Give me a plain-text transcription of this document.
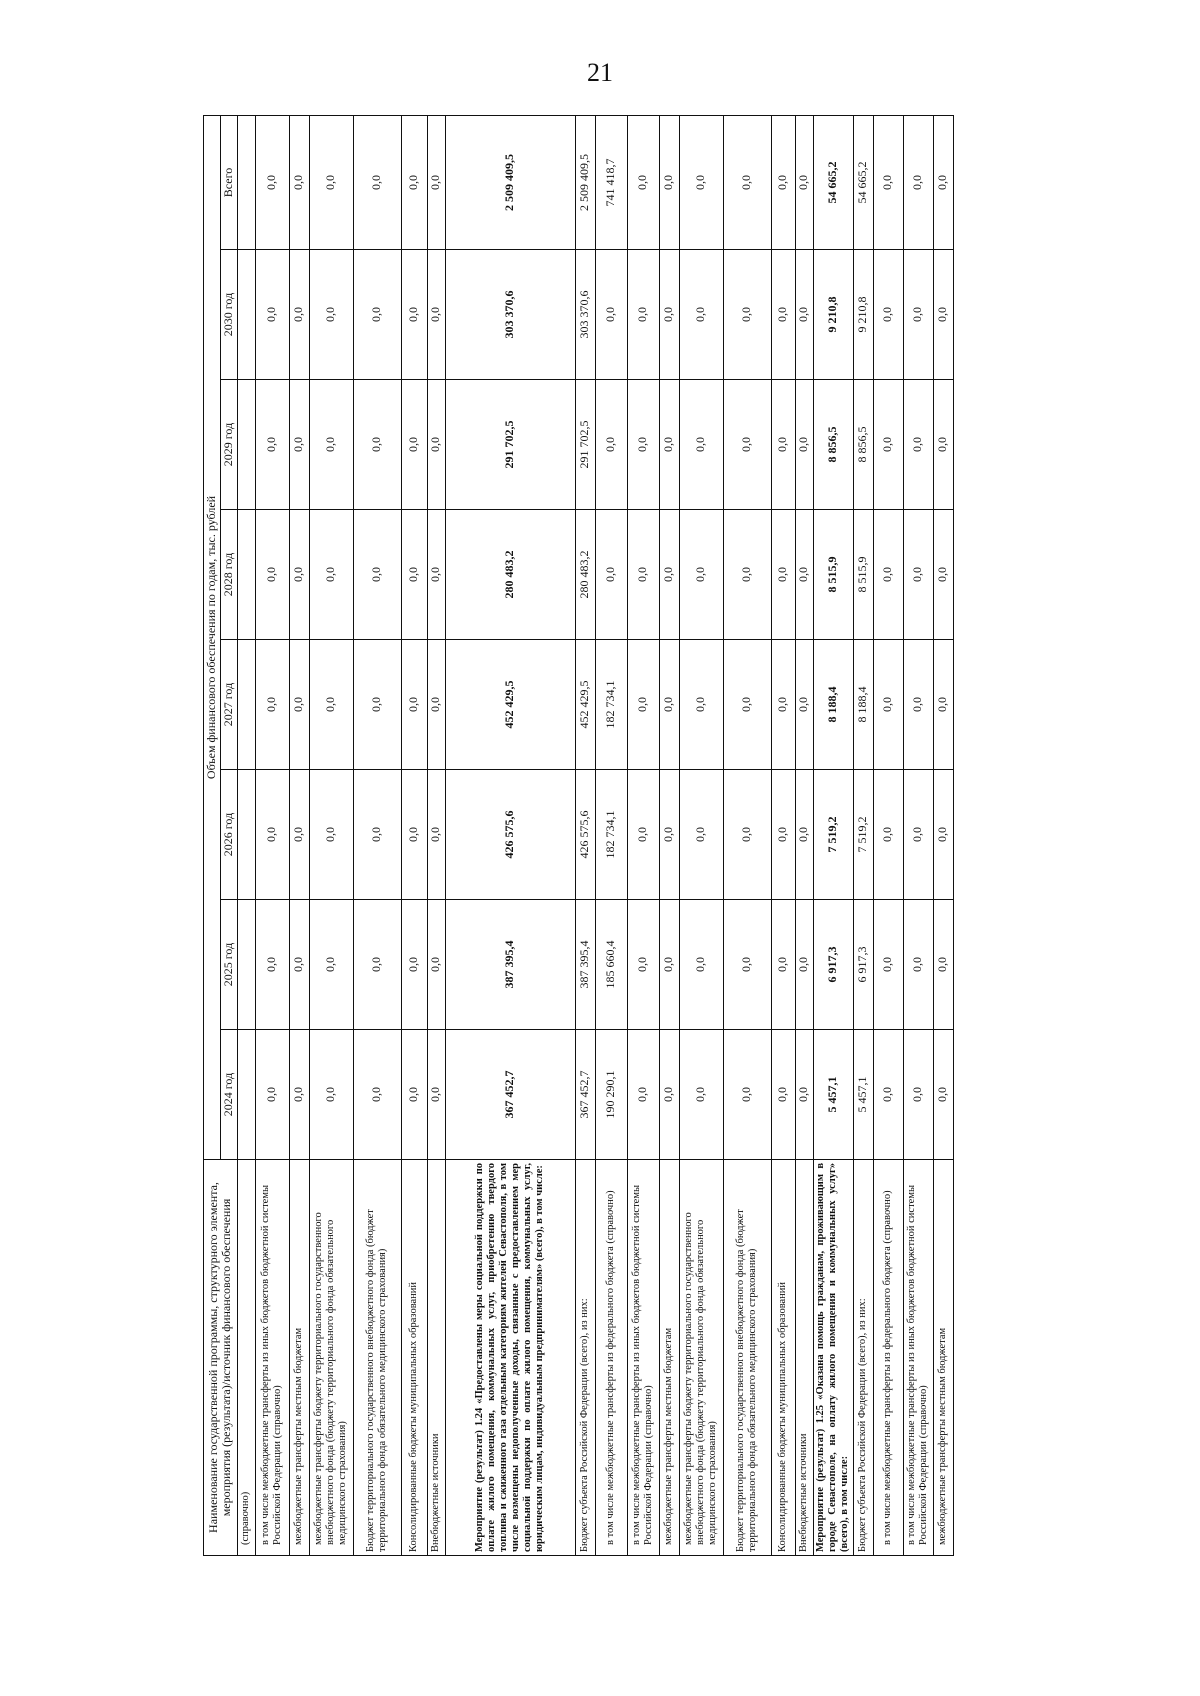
21
Наименование государственной программы, структурного элемента, мероприятия (результата)/источник финансового обеспечения	Объем финансового обеспечения по годам, тыс. рублей							
	2024 год	2025 год	2026 год	2027 год	2028 год	2029 год	2030 год	Всего
(справочно)								
в том числе межбюджетные трансферты из иных бюджетов бюджетной системы Российской Федерации (справочно)	0,0	0,0	0,0	0,0	0,0	0,0	0,0	0,0
межбюджетные трансферты местным бюджетам	0,0	0,0	0,0	0,0	0,0	0,0	0,0	0,0
межбюджетные трансферты бюджету территориального государственного внебюджетного фонда (бюджету территориального фонда обязательного медицинского страхования)	0,0	0,0	0,0	0,0	0,0	0,0	0,0	0,0
Бюджет территориального государственного внебюджетного фонда (бюджет территориального фонда обязательного медицинского страхования)	0,0	0,0	0,0	0,0	0,0	0,0	0,0	0,0
Консолидированные бюджеты муниципальных образований	0,0	0,0	0,0	0,0	0,0	0,0	0,0	0,0
Внебюджетные источники	0,0	0,0	0,0	0,0	0,0	0,0	0,0	0,0
Мероприятие (результат) 1.24 «Предоставлены меры социальной поддержки по оплате жилого помещения, коммунальных услуг, приобретению твердого топлива и сжиженного газа отдельным категориям жителей Севастополя, в том числе возмещены недополученные доходы, связанные с предоставлением мер социальной поддержки по оплате жилого помещения, коммунальных услуг, юридическим лицам, индивидуальным предпринимателям» (всего), в том числе:	367 452,7	387 395,4	426 575,6	452 429,5	280 483,2	291 702,5	303 370,6	2 509 409,5
Бюджет субъекта Российской Федерации (всего), из них:	367 452,7	387 395,4	426 575,6	452 429,5	280 483,2	291 702,5	303 370,6	2 509 409,5
в том числе межбюджетные трансферты из федерального бюджета (справочно)	190 290,1	185 660,4	182 734,1	182 734,1	0,0	0,0	0,0	741 418,7
в том числе межбюджетные трансферты из иных бюджетов бюджетной системы Российской Федерации (справочно)	0,0	0,0	0,0	0,0	0,0	0,0	0,0	0,0
межбюджетные трансферты местным бюджетам	0,0	0,0	0,0	0,0	0,0	0,0	0,0	0,0
межбюджетные трансферты бюджету территориального государственного внебюджетного фонда (бюджету территориального фонда обязательного медицинского страхования)	0,0	0,0	0,0	0,0	0,0	0,0	0,0	0,0
Бюджет территориального государственного внебюджетного фонда (бюджет территориального фонда обязательного медицинского страхования)	0,0	0,0	0,0	0,0	0,0	0,0	0,0	0,0
Консолидированные бюджеты муниципальных образований	0,0	0,0	0,0	0,0	0,0	0,0	0,0	0,0
Внебюджетные источники	0,0	0,0	0,0	0,0	0,0	0,0	0,0	0,0
Мероприятие (результат) 1.25 «Оказана помощь гражданам, проживающим в городе Севастополе, на оплату жилого помещения и коммунальных услуг» (всего), в том числе:	5 457,1	6 917,3	7 519,2	8 188,4	8 515,9	8 856,5	9 210,8	54 665,2
Бюджет субъекта Российской Федерации (всего), из них:	5 457,1	6 917,3	7 519,2	8 188,4	8 515,9	8 856,5	9 210,8	54 665,2
в том числе межбюджетные трансферты из федерального бюджета (справочно)	0,0	0,0	0,0	0,0	0,0	0,0	0,0	0,0
в том числе межбюджетные трансферты из иных бюджетов бюджетной системы Российской Федерации (справочно)	0,0	0,0	0,0	0,0	0,0	0,0	0,0	0,0
межбюджетные трансферты местным бюджетам	0,0	0,0	0,0	0,0	0,0	0,0	0,0	0,0
